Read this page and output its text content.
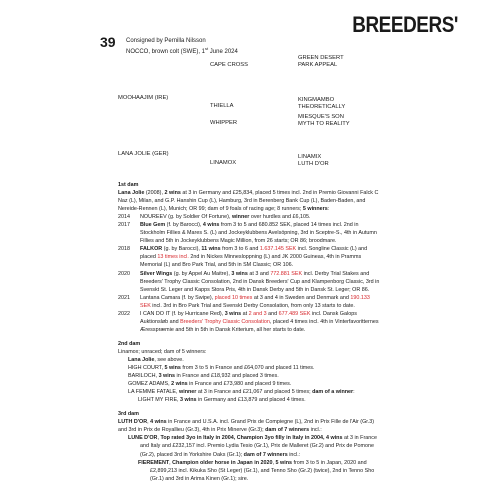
BREEDERS'
39 Consigned by Pernilla Nilsson
NOCCO, brown colt (SWE), 1st June 2024
MOOHAAJIM (IRE)
CAPE CROSS
THIELLA
GREEN DESERT
PARK APPEAL
KINGMAMBO
THEORETICALLY
WHIPPER
LINAMOX
MIESQUE'S SON
MYTH TO REALITY
LINAMIX
LUTH D'OR
LANA JOLIE (GER)
1st dam

Lana Jolie (2008), 2 wins at 3 in Germany and £25,834, placed 5 times incl. 2nd in Premio Giovanni Falck C Naz (L), Milan, and G.P. Hanshin Cup (L), Hamburg, 3rd in Berenberg Bank Cup (L), Baden-Baden, and Nereide-Rennen (L), Munich; OR 99; dam of 9 foals of racing age; 8 runners; 5 winners:

2014 NOUREEV (g. by Soldier Of Fortune), winner over hurdles and £6,105.

2017 Blue Gem (f. by Barocci), 4 wins from 3 to 5 and 680.852 SEK, placed 14 times incl. 2nd in Stockholm Fillies & Mares S. (L) and Jockeyklubbens Avelsöpning, 3rd in Sceptre-S., 4th in Autumn Fillies and 5th in Jockeyklubbens Magic Million, from 26 starts; OR 86; broodmare.

2018 FALKOR (g. by Barocci), 11 wins from 3 to 6 and 1.637.145 SEK incl. Songline Classic (L) and placed 13 times incl. 2nd in Nickes Minnesloppning (L) and JK 2000 Guineas, 4th in Pramms Memorial (L) and Bro Park Trial, and 5th in SM Classic; OR 106.

2020 Silver Wings (g. by Appel Au Maitre), 3 wins at 3 and 772.881 SEK incl. Derby Trial Stakes and Breeders' Trophy Classic Consolation, 2nd in Dansk Breeders' Cup and Klampenborg Classic, 3rd in Svenskt St. Leger and Kapps Stora Pris, 4th in Dansk Derby and 5th in Dansk St. Leger; OR 86.

2021 Lantana Camara (f. by Swipe), placed 10 times at 3 and 4 in Sweden and Denmark and 190.133 SEK incl. 3rd in Bro Park Trial and Svenskt Derby Consolation, from only 13 starts to date.

2022 I CAN DO IT (f. by Hurricane Red), 3 wins at 2 and 3 and 677.489 SEK incl. Dansk Galops Auktionsløb and Breeders' Trophy Classic Consolation, placed 4 times incl. 4th in Vinterfavoritternes Æresspræmie and 5th in 5th in Dansk Kriterium, all her starts to date.

2nd dam

Linamox; unraced; dam of 5 winners:

Lana Jolie, see above.

HIGH COURT, 5 wins from 3 to 5 in France and £64,070 and placed 11 times.

BARILOCH, 3 wins in France and £18,932 and placed 3 times.

GOMEZ ADAMS, 2 wins in France and £73,980 and placed 9 times.

LA FEMME FATALE, winner at 3 in France and £21,067 and placed 5 times; dam of a winner:

LIGHT MY FIRE, 3 wins in Germany and £13,879 and placed 4 times.

3rd dam

LUTH D'OR, 4 wins in France and U.S.A. incl. Grand Prix de Compiegne (L), 2nd in Prix Fille de l'Air (Gr.3) and 3rd in Prix de Royallieu (Gr.3), 4th in Prix Minerve (Gr.3); dam of 7 winners incl.:

LUNE D'OR, Top rated 3yo in Italy in 2004, Champion 3yo filly in Italy in 2004, 4 wins at 3 in France and Italy and £232,157 incl. Premio Lydia Tesio (Gr.1), Prix de Malleret (Gr.2) and Prix de Pomone (Gr.2), placed 3rd in Yorkshire Oaks (Gr.1); dam of 7 winners incl.:

FIEREMENT, Champion older horse in Japan in 2020, 5 wins from 3 to 5 in Japan, 2020 and £2,899,213 incl. Kikuka Sho (St Leger) (Gr.1), and Tenno Sho (Gr.2) (twice), 2nd in Tenno Sho (Gr.1) and 3rd in Arima Kinen (Gr.1); sire.
